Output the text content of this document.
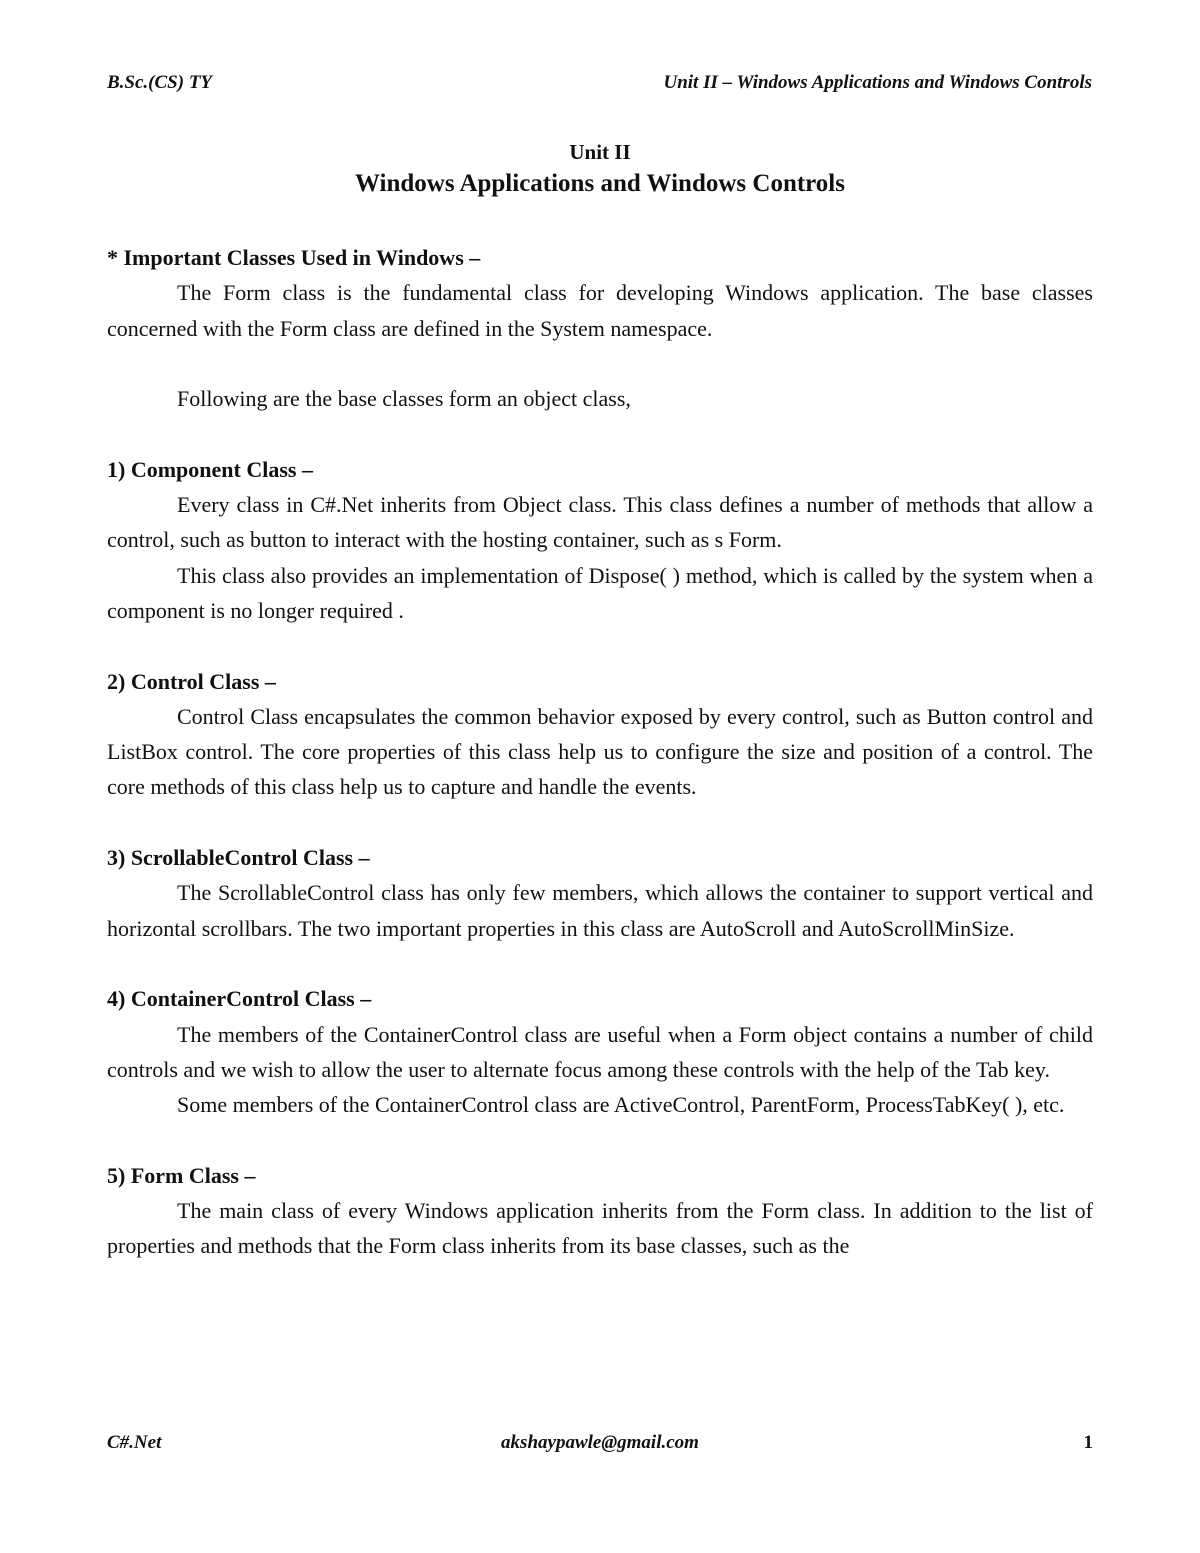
B.Sc.(CS) TY	Unit II – Windows Applications and Windows Controls
Unit II
Windows Applications and Windows Controls
* Important Classes Used in Windows –

The Form class is the fundamental class for developing Windows application. The base classes concerned with the Form class are defined in the System namespace.

Following are the base classes form an object class,

1) Component Class –

Every class in C#.Net inherits from Object class. This class defines a number of methods that allow a control, such as button to interact with the hosting container, such as s Form.

This class also provides an implementation of Dispose( ) method, which is called by the system when a component is no longer required .

2) Control Class –

Control Class encapsulates the common behavior exposed by every control, such as Button control and ListBox control. The core properties of this class help us to configure the size and position of a control. The core methods of this class help us to capture and handle the events.

3) ScrollableControl Class –

The ScrollableControl class has only few members, which allows the container to support vertical and horizontal scrollbars. The two important properties in this class are AutoScroll and AutoScrollMinSize.

4) ContainerControl Class –

The members of the ContainerControl class are useful when a Form object contains a number of child controls and we wish to allow the user to alternate focus among these controls with the help of the Tab key.

Some members of the ContainerControl class are ActiveControl, ParentForm, ProcessTabKey( ), etc.

5) Form Class –

The main class of every Windows application inherits from the Form class. In addition to the list of properties and methods that the Form class inherits from its base classes, such as the

C#.Net	akshaypawle@gmail.com	1
